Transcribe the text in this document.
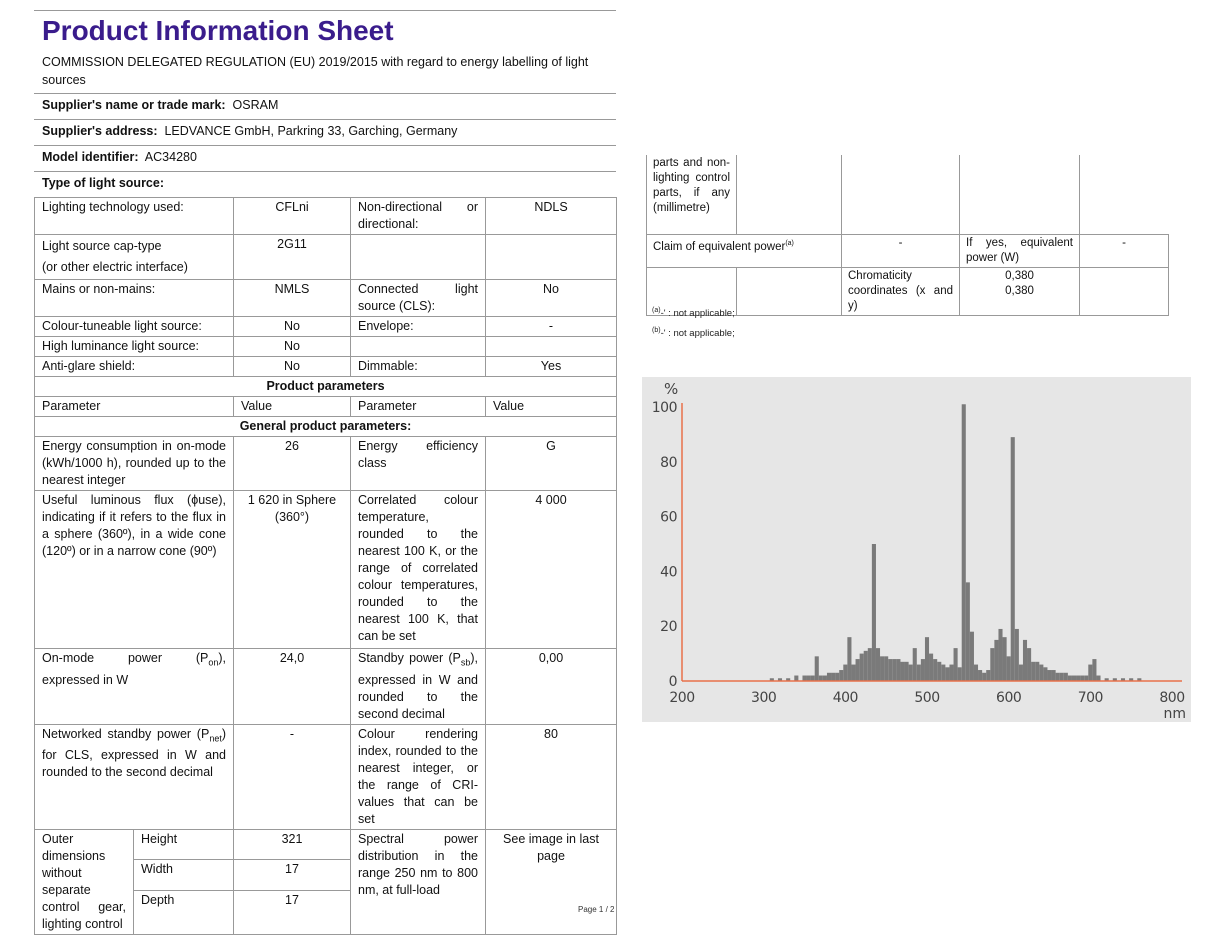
Product Information Sheet
COMMISSION DELEGATED REGULATION (EU) 2019/2015 with regard to energy labelling of light sources
Supplier's name or trade mark: OSRAM
Supplier's address: LEDVANCE GmbH, Parkring 33, Garching, Germany
Model identifier: AC34280
Type of light source:
Lighting technology used:	CFLni	Non-directional or directional:	NDLS

Light source cap-type
(or other electric interface)	2G11		
Mains or non-mains:	NMLS	Connected light source (CLS):	No
Colour-tuneable light source:	No	Envelope:	-
High luminance light source:	No		
Anti-glare shield:	No	Dimmable:	Yes
Product parameters			
Parameter	Value	Parameter	Value
General product parameters:			
Energy consumption in on-mode (kWh/1000 h), rounded up to the nearest integer	26	Energy efficiency class	G
Useful luminous flux (ϕuse), indicating if it refers to the flux in a sphere (360º), in a wide cone (120º) or in a narrow cone (90º)	1 620 in Sphere (360°)	Correlated colour temperature, rounded to the nearest 100 K, or the range of correlated colour temperatures, rounded to the nearest 100 K, that can be set	4 000
On-mode power $(P_{on})$, expressed in W	24,0	Standby power $(P_{sb})$, expressed in W and rounded to the second decimal	0,00
Networked standby power $(P_{net})$ for CLS, expressed in W and rounded to the second decimal	-	Colour rendering index, rounded to the nearest integer, or the range of CRI-values that can be set	80
Outer dimensions without separate control gear, lighting control	Height	321	Spectral power distribution in the range 250 nm to 800 nm, at full-load	See image in last page
	Width	17		
	Depth	17		
Page 1 / 2
parts and non-lighting control parts, if any (millimetre)				
Claim of equivalent power$^{(a)}$		-	If yes, equivalent power (W)	-
		Chromaticity coordinates (x and y)	0,380
0,380	

$^{(a)}$-' : not applicable;
$^{(b)}$-' : not applicable;
0
20
40
60
80
100
200	300	400	500	600	700	800
%
nm
